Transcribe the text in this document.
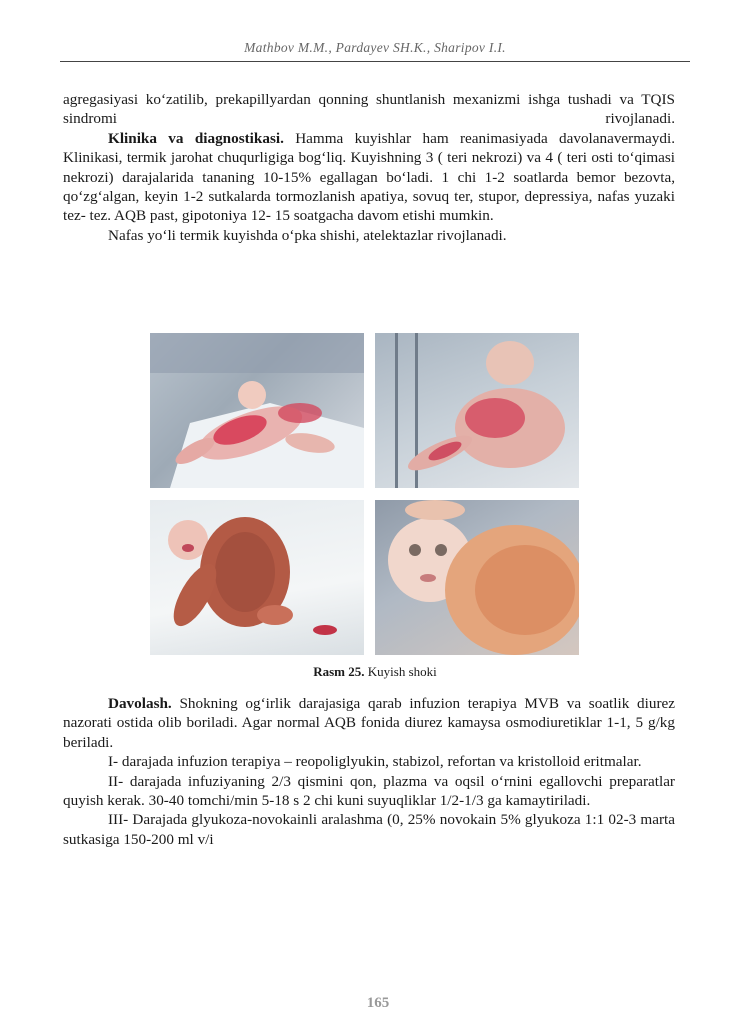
Mathbov M.M., Pardayev SH.K., Sharipov I.I.

agregasiyasi ko‘zatilib, prekapillyardan qonning shuntlanish mexanizmi ishga tushadi va TQIS sindromi rivojlanadi.

Klinika va diagnostikasi. Hamma kuyishlar ham reanimasiyada davolanavermaydi. Klinikasi, termik jarohat chuqurligiga bog‘liq. Kuyishning 3 ( teri nekrozi) va 4 ( teri osti to‘qimasi nekrozi) darajalarida tananing 10-15% egallagan bo‘ladi. 1 chi 1-2 soatlarda bemor bezovta, qo‘zg‘algan, keyin 1-2 sutkalarda tormozlanish apatiya, sovuq ter, stupor, depressiya, nafas yuzaki tez- tez. AQB past, gipotoniya 12- 15 soatgacha davom etishi mumkin.

Nafas yo‘li termik kuyishda o‘pka shishi, atelektazlar rivojlanadi.

Rasm 25. Kuyish shoki

Davolash. Shokning og‘irlik darajasiga qarab infuzion terapiya MVB va soatlik diurez nazorati ostida olib boriladi. Agar normal AQB fonida diurez kamaysa osmodiuretiklar 1-1, 5 g/kg beriladi.

I- darajada infuzion terapiya – reopoliglyukin, stabizol, refortan va kristolloid eritmalar.

II- darajada infuziyaning 2/3 qismini qon, plazma va oqsil o‘rnini egallovchi preparatlar quyish kerak. 30-40 tomchi/min 5-18 s 2 chi kuni suyuqliklar 1/2-1/3 ga kamaytiriladi.

III- Darajada glyukoza-novokainli aralashma (0, 25% novokain 5% glyukoza 1:1 02-3 marta sutkasiga 150-200 ml v/i

165
